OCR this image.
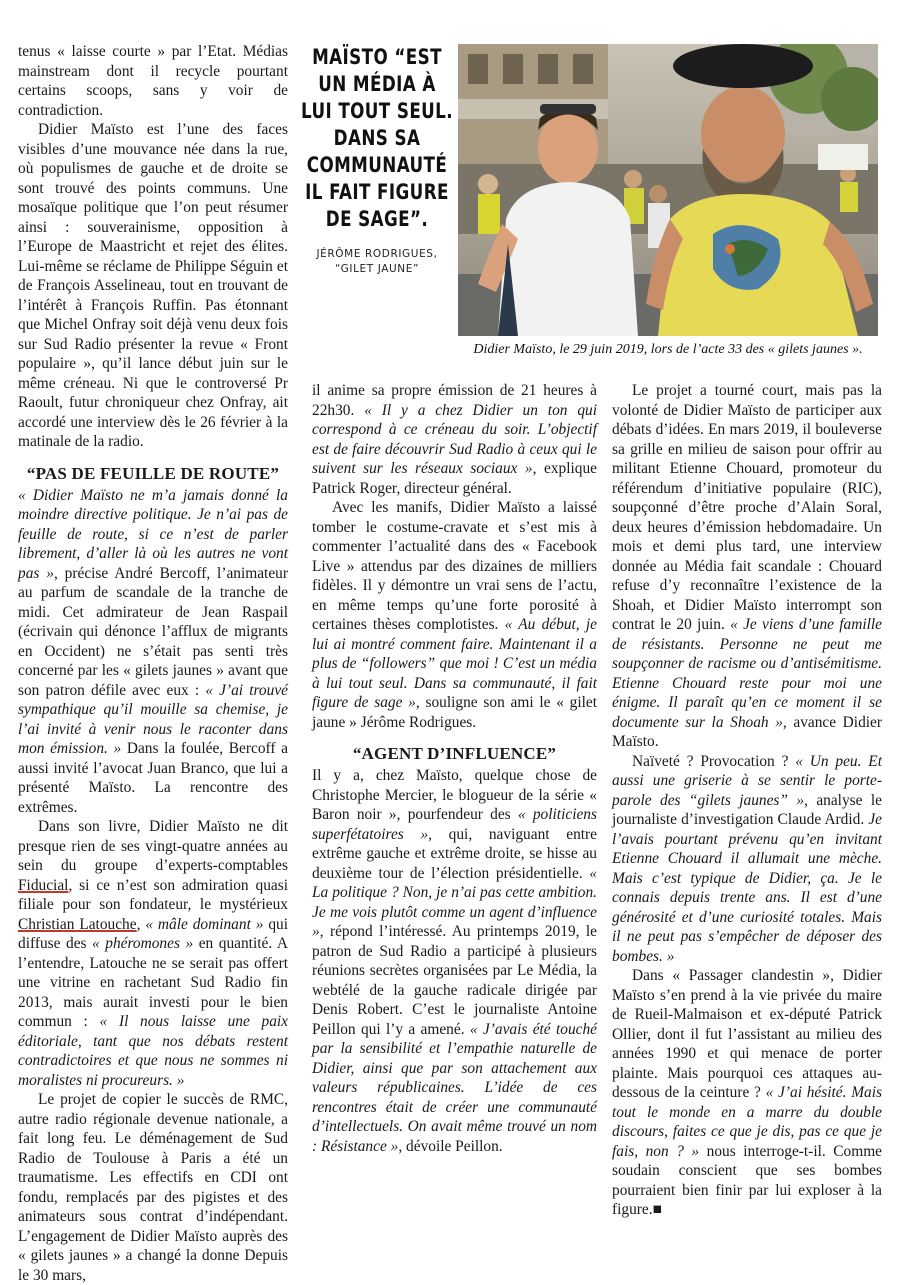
tenus « laisse courte » par l’Etat. Médias mainstream dont il recycle pourtant certains scoops, sans y voir de contradiction.

Didier Maïsto est l’une des faces visibles d’une mouvance née dans la rue, où populismes de gauche et de droite se sont trouvé des points communs. Une mosaïque politique que l’on peut résumer ainsi : souverainisme, opposition à l’Europe de Maastricht et rejet des élites. Lui-même se réclame de Philippe Séguin et de François Asselineau, tout en trouvant de l’intérêt à François Ruffin. Pas étonnant que Michel Onfray soit déjà venu deux fois sur Sud Radio présenter la revue « Front populaire », qu’il lance début juin sur le même créneau. Ni que le controversé Pr Raoult, futur chroniqueur chez Onfray, ait accordé une interview dès le 26 février à la matinale de la radio.

“PAS DE FEUILLE DE ROUTE”

« Didier Maïsto ne m’a jamais donné la moindre directive politique. Je n’ai pas de feuille de route, si ce n’est de parler librement, d’aller là où les autres ne vont pas », précise André Bercoff, l’animateur au parfum de scandale de la tranche de midi. Cet admirateur de Jean Raspail (écrivain qui dénonce l’afflux de migrants en Occident) ne s’était pas senti très concerné par les « gilets jaunes » avant que son patron défile avec eux : « J’ai trouvé sympathique qu’il mouille sa chemise, je l’ai invité à venir nous le raconter dans mon émission. » Dans la foulée, Bercoff a aussi invité l’avocat Juan Branco, que lui a présenté Maïsto. La rencontre des extrêmes.

Dans son livre, Didier Maïsto ne dit presque rien de ses vingt-quatre années au sein du groupe d’experts-comptables Fiducial, si ce n’est son admiration quasi filiale pour son fondateur, le mystérieux Christian Latouche, « mâle dominant » qui diffuse des « phéromones » en quantité. A l’entendre, Latouche ne se serait pas offert une vitrine en rachetant Sud Radio fin 2013, mais aurait investi pour le bien commun : « Il nous laisse une paix éditoriale, tant que nos débats restent contradictoires et que nous ne sommes ni moralistes ni procureurs. »

Le projet de copier le succès de RMC, autre radio régionale devenue nationale, a fait long feu. Le déménagement de Sud Radio de Toulouse à Paris a été un traumatisme. Les effectifs en CDI ont fondu, remplacés par des pigistes et des animateurs sous contrat d’indépendant. L’engagement de Didier Maïsto auprès des « gilets jaunes » a changé la donne Depuis le 30 mars,

MAÏSTO “EST UN MÉDIA À LUI TOUT SEUL. DANS SA COMMUNAUTÉ IL FAIT FIGURE DE SAGE”.
JÉRÔME RODRIGUES,
“GILET JAUNE”
Didier Maïsto, le 29 juin 2019, lors de l’acte 33 des « gilets jaunes ».

il anime sa propre émission de 21 heures à 22h30. « Il y a chez Didier un ton qui correspond à ce créneau du soir. L’objectif est de faire découvrir Sud Radio à ceux qui le suivent sur les réseaux sociaux », explique Patrick Roger, directeur général.

Avec les manifs, Didier Maïsto a laissé tomber le costume-cravate et s’est mis à commenter l’actualité dans des « Facebook Live » attendus par des dizaines de milliers fidèles. Il y démontre un vrai sens de l’actu, en même temps qu’une forte porosité à certaines thèses complotistes. « Au début, je lui ai montré comment faire. Maintenant il a plus de “followers” que moi ! C’est un média à lui tout seul. Dans sa communauté, il fait figure de sage », souligne son ami le « gilet jaune » Jérôme Rodrigues.

“AGENT D’INFLUENCE”

Il y a, chez Maïsto, quelque chose de Christophe Mercier, le blogueur de la série « Baron noir », pourfendeur des « politiciens superfétatoires », qui, naviguant entre extrême gauche et extrême droite, se hisse au deuxième tour de l’élection présidentielle. « La politique ? Non, je n’ai pas cette ambition. Je me vois plutôt comme un agent d’influence », répond l’intéressé. Au printemps 2019, le patron de Sud Radio a participé à plusieurs réunions secrètes organisées par Le Média, la webtélé de la gauche radicale dirigée par Denis Robert. C’est le journaliste Antoine Peillon qui l’y a amené. « J’avais été touché par la sensibilité et l’empathie naturelle de Didier, ainsi que par son attachement aux valeurs républicaines. L’idée de ces rencontres était de créer une communauté d’intellectuels. On avait même trouvé un nom : Résistance », dévoile Peillon.

Le projet a tourné court, mais pas la volonté de Didier Maïsto de participer aux débats d’idées. En mars 2019, il bouleverse sa grille en milieu de saison pour offrir au militant Etienne Chouard, promoteur du référendum d’initiative populaire (RIC), soupçonné d’être proche d’Alain Soral, deux heures d’émission hebdomadaire. Un mois et demi plus tard, une interview donnée au Média fait scandale : Chouard refuse d’y reconnaître l’existence de la Shoah, et Didier Maïsto interrompt son contrat le 20 juin. « Je viens d’une famille de résistants. Personne ne peut me soupçonner de racisme ou d’antisémitisme. Etienne Chouard reste pour moi une énigme. Il paraît qu’en ce moment il se documente sur la Shoah », avance Didier Maïsto.

Naïveté ? Provocation ? « Un peu. Et aussi une griserie à se sentir le porte-parole des “gilets jaunes” », analyse le journaliste d’investigation Claude Ardid. Je l’avais pourtant prévenu qu’en invitant Etienne Chouard il allumait une mèche. Mais c’est typique de Didier, ça. Je le connais depuis trente ans. Il est d’une générosité et d’une curiosité totales. Mais il ne peut pas s’empêcher de déposer des bombes. »

Dans « Passager clandestin », Didier Maïsto s’en prend à la vie privée du maire de Rueil-Malmaison et ex-député Patrick Ollier, dont il fut l’assistant au milieu des années 1990 et qui menace de porter plainte. Mais pourquoi ces attaques au-dessous de la ceinture ? « J’ai hésité. Mais tout le monde en a marre du double discours, faites ce que je dis, pas ce que je fais, non ? » nous interroge-t-il. Comme soudain conscient que ses bombes pourraient bien finir par lui exploser à la figure.■
